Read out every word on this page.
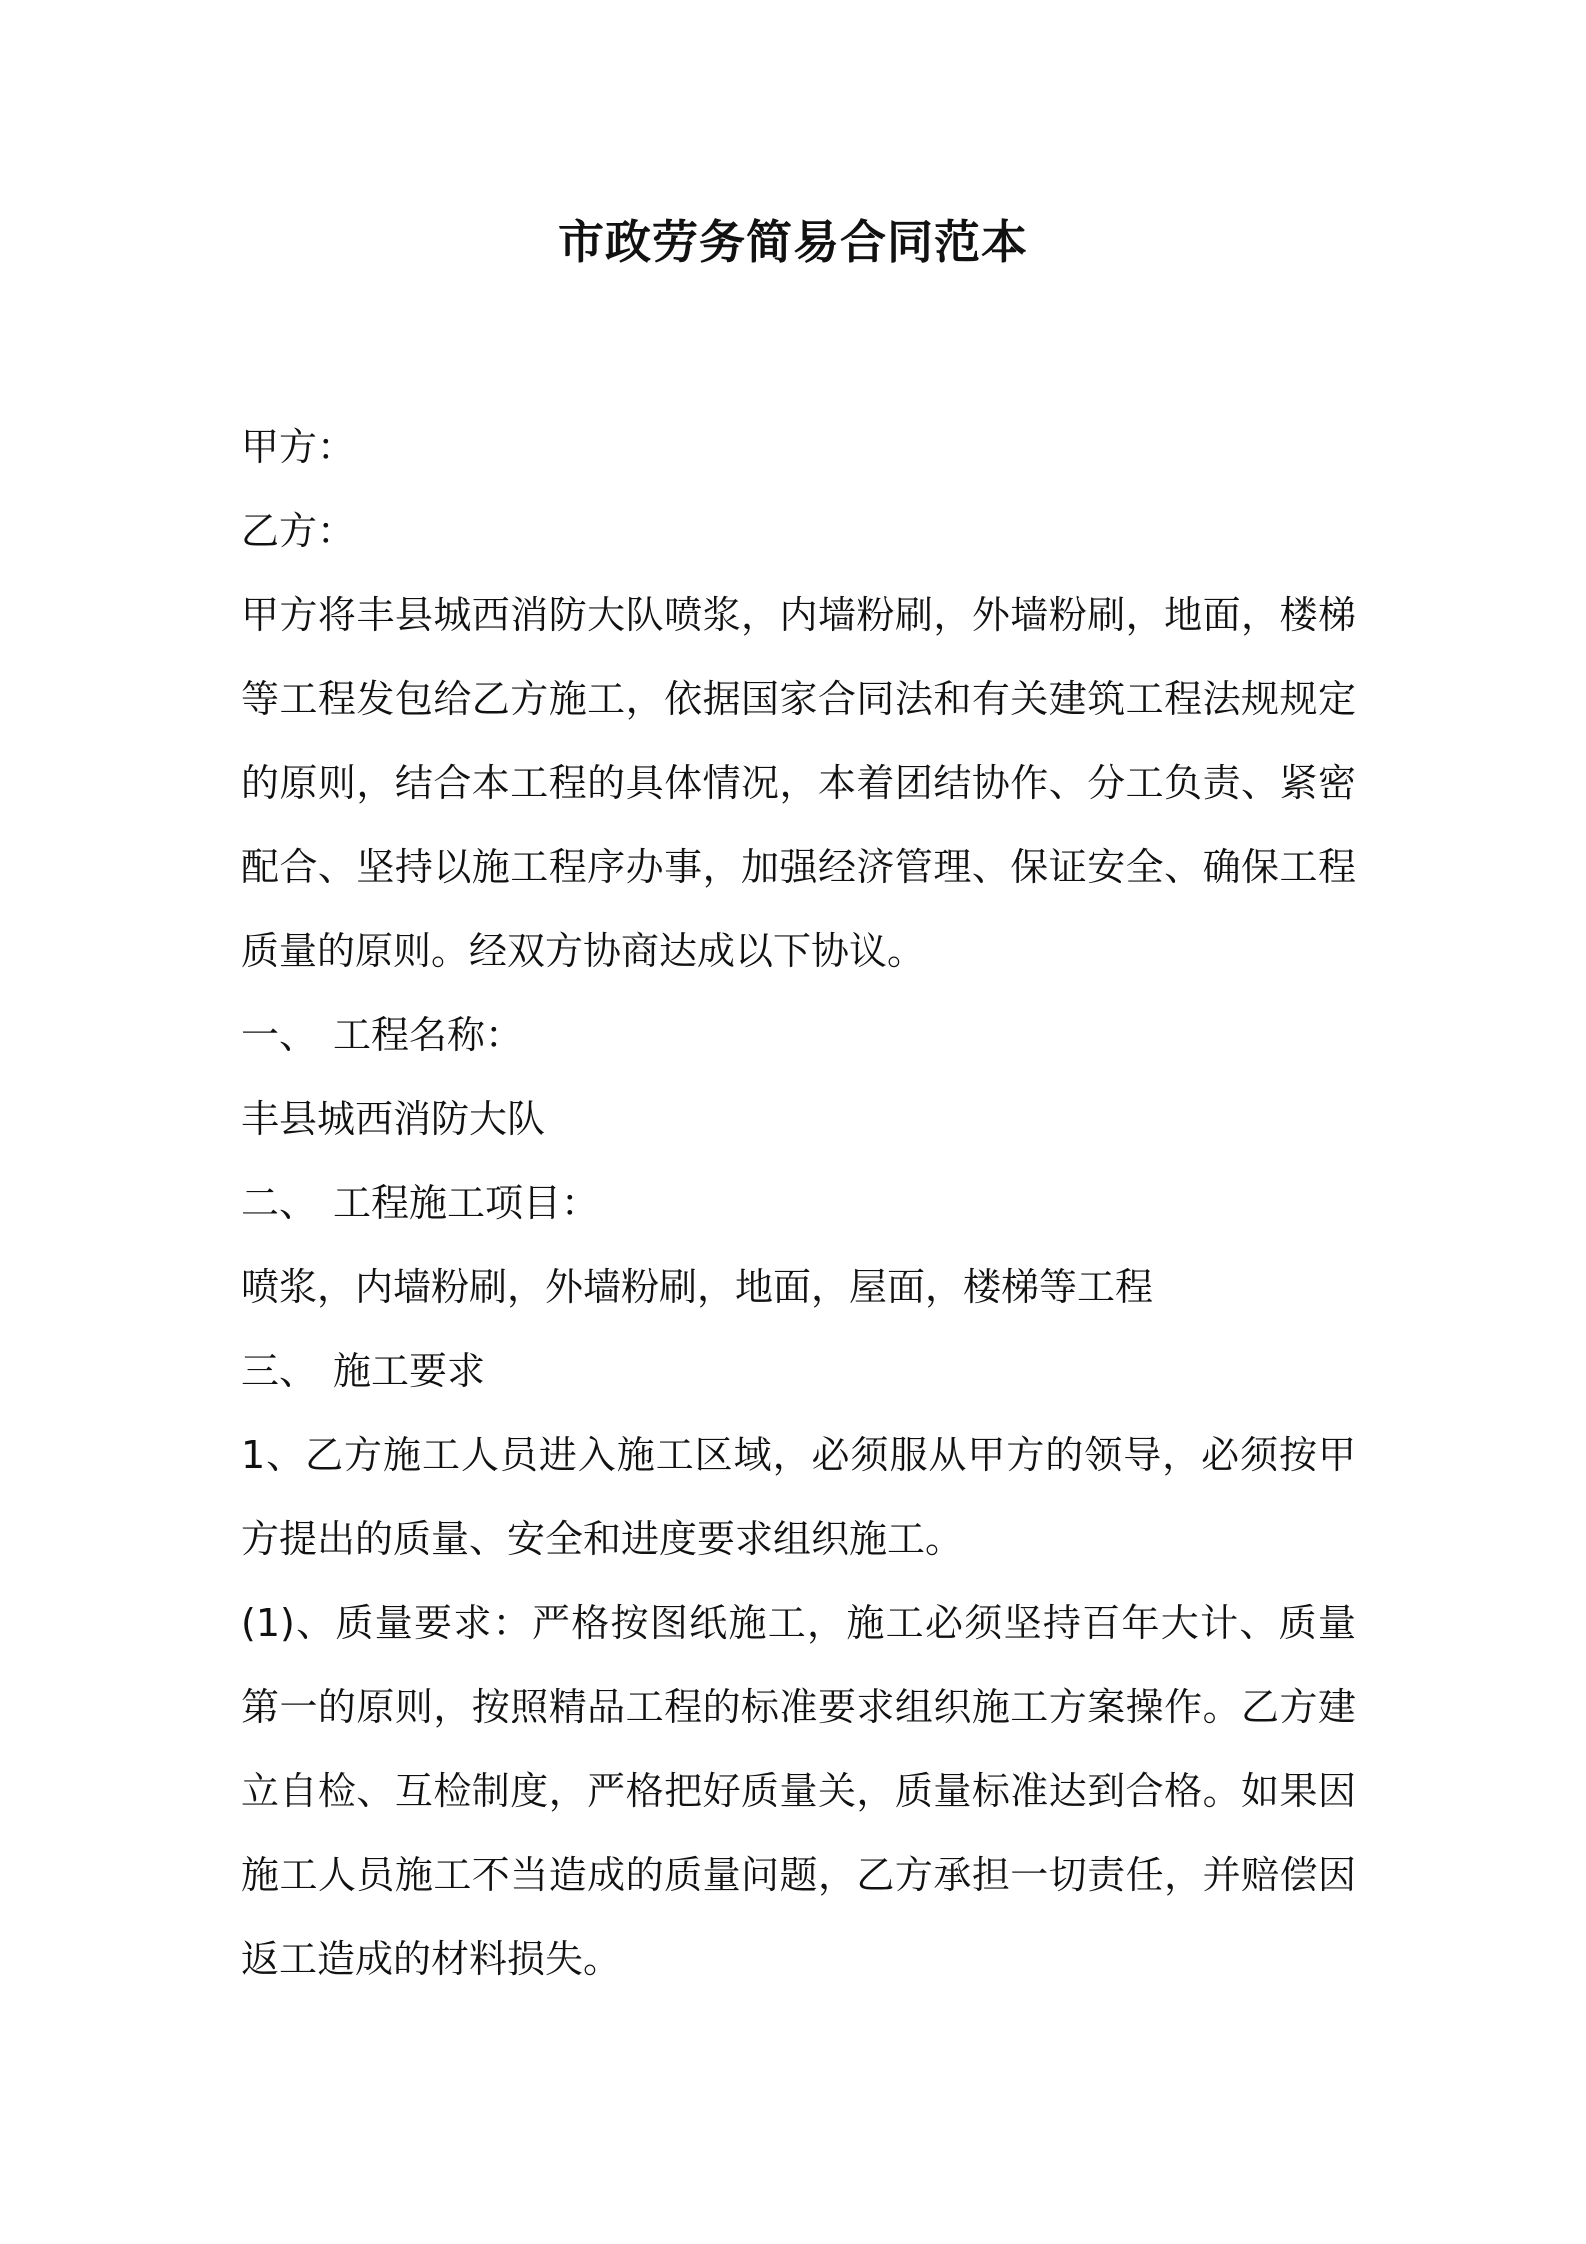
市政劳务简易合同范本

甲方：

乙方：

甲方将丰县城西消防大队喷浆，内墙粉刷，外墙粉刷，地面，楼梯等工程发包给乙方施工，依据国家合同法和有关建筑工程法规规定的原则，结合本工程的具体情况，本着团结协作、分工负责、紧密配合、坚持以施工程序办事，加强经济管理、保证安全、确保工程质量的原则。经双方协商达成以下协议。

一、 工程名称：

丰县城西消防大队

二、 工程施工项目：

喷浆，内墙粉刷，外墙粉刷，地面，屋面，楼梯等工程

三、 施工要求

1、乙方施工人员进入施工区域，必须服从甲方的领导，必须按甲方提出的质量、安全和进度要求组织施工。

(1)、质量要求：严格按图纸施工，施工必须坚持百年大计、质量第一的原则，按照精品工程的标准要求组织施工方案操作。乙方建立自检、互检制度，严格把好质量关，质量标准达到合格。如果因施工人员施工不当造成的质量问题，乙方承担一切责任，并赔偿因返工造成的材料损失。
